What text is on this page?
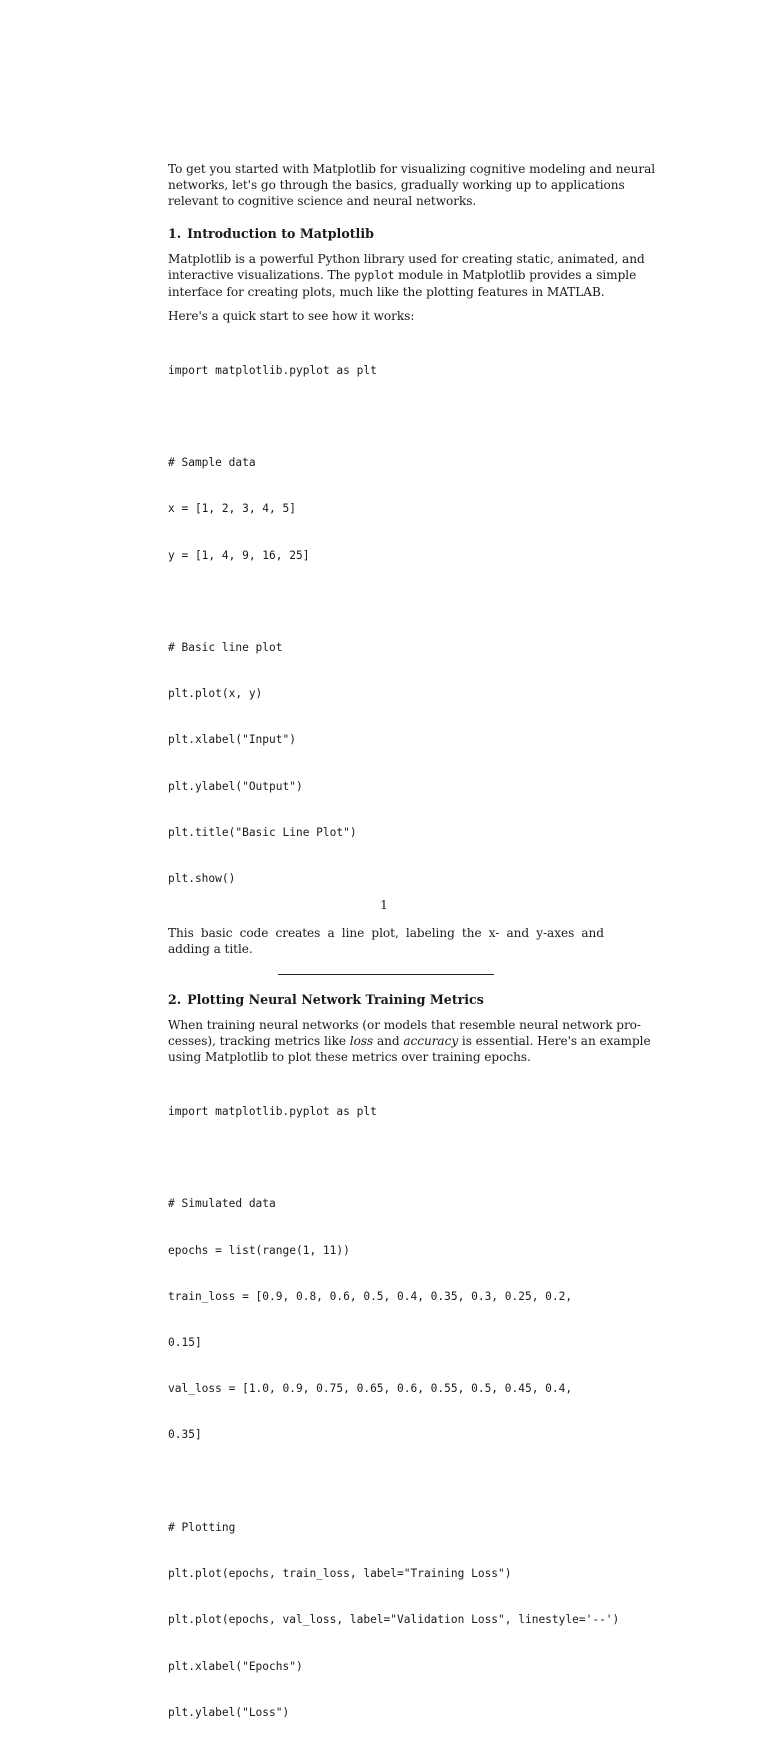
To get you started with Matplotlib for visualizing cognitive modeling and neural
networks, let's go through the basics, gradually working up to applications
relevant to cognitive science and neural networks.

1. Introduction to Matplotlib

Matplotlib is a powerful Python library used for creating static, animated, and
interactive visualizations. The pyplot module in Matplotlib provides a simple
interface for creating plots, much like the plotting features in MATLAB.

Here's a quick start to see how it works:

import matplotlib.pyplot as plt

# Sample data

x = [1, 2, 3, 4, 5]

y = [1, 4, 9, 16, 25]

# Basic line plot

plt.plot(x, y)

plt.xlabel("Input")

plt.ylabel("Output")

plt.title("Basic Line Plot")

plt.show()

This basic code creates a line plot, labeling the x- and y-axes and adding a title.

2. Plotting Neural Network Training Metrics

When training neural networks (or models that resemble neural network pro-
cesses), tracking metrics like loss and accuracy is essential. Here's an example
using Matplotlib to plot these metrics over training epochs.

import matplotlib.pyplot as plt

# Simulated data

epochs = list(range(1, 11))

train_loss = [0.9, 0.8, 0.6, 0.5, 0.4, 0.35, 0.3, 0.25, 0.2,

0.15]

val_loss = [1.0, 0.9, 0.75, 0.65, 0.6, 0.55, 0.5, 0.45, 0.4,

0.35]

# Plotting

plt.plot(epochs, train_loss, label="Training Loss")

plt.plot(epochs, val_loss, label="Validation Loss", linestyle='--')

plt.xlabel("Epochs")

plt.ylabel("Loss")

1
